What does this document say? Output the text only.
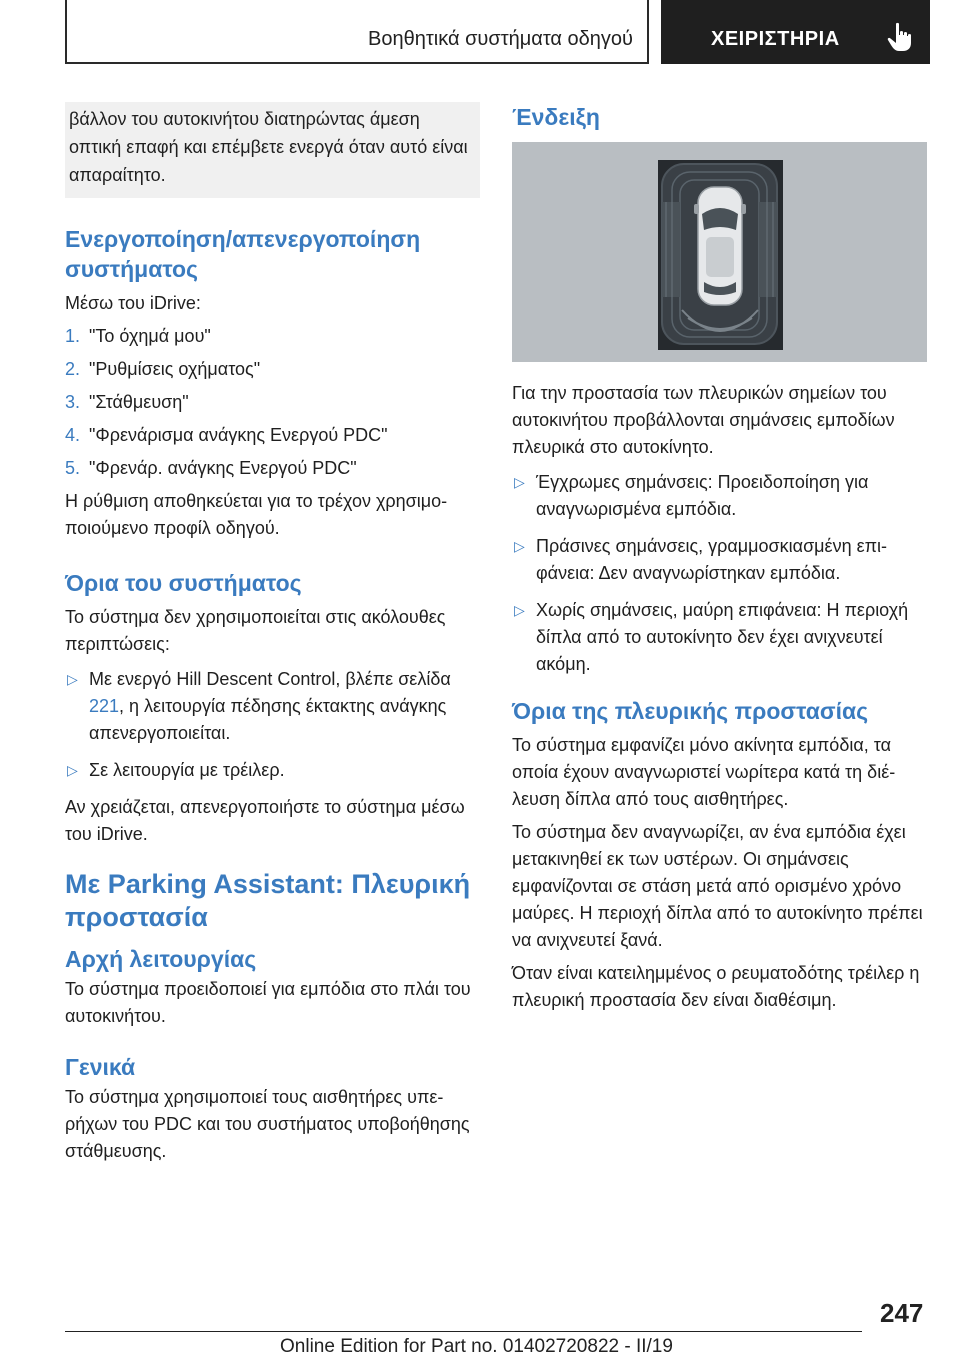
Βοηθητικά συστήματα οδηγού	ΧΕΙΡΙΣΤΗΡΙΑ

βάλλον του αυτοκινήτου διατηρώντας άμεση οπτική επαφή και επέμβετε ενεργά όταν αυτό είναι απαραίτητο.

Ενεργοποίηση/απενεργοποίηση συστήματος

Μέσω του iDrive:

1. "Το όχημά μου"
2. "Ρυθμίσεις οχήματος"
3. "Στάθμευση"
4. "Φρενάρισμα ανάγκης Ενεργού PDC"
5. "Φρενάρ. ανάγκης Ενεργού PDC"

Η ρύθμιση αποθηκεύεται για το τρέχον χρησιμοποιούμενο προφίλ οδηγού.

Όρια του συστήματος

Το σύστημα δεν χρησιμοποιείται στις ακόλουθες περιπτώσεις:

▷ Με ενεργό Hill Descent Control, βλέπε σελίδα 221, η λειτουργία πέδησης έκτακτης ανάγκης απενεργοποιείται.
▷ Σε λειτουργία με τρέιλερ.

Αν χρειάζεται, απενεργοποιήστε το σύστημα μέσω του iDrive.

Με Parking Assistant: Πλευρική προστασία
Αρχή λειτουργίας

Το σύστημα προειδοποιεί για εμπόδια στο πλάι του αυτοκινήτου.

Γενικά

Το σύστημα χρησιμοποιεί τους αισθητήρες υπερήχων του PDC και του συστήματος υποβοήθησης στάθμευσης.

Ένδειξη

Για την προστασία των πλευρικών σημείων του αυτοκινήτου προβάλλονται σημάνσεις εμποδίων πλευρικά στο αυτοκίνητο.

▷ Έγχρωμες σημάνσεις: Προειδοποίηση για αναγνωρισμένα εμπόδια.
▷ Πράσινες σημάνσεις, γραμμοσκιασμένη επιφάνεια: Δεν αναγνωρίστηκαν εμπόδια.
▷ Χωρίς σημάνσεις, μαύρη επιφάνεια: Η περιοχή δίπλα από το αυτοκίνητο δεν έχει ανιχνευτεί ακόμη.
Όρια της πλευρικής προστασίας

Το σύστημα εμφανίζει μόνο ακίνητα εμπόδια, τα οποία έχουν αναγνωριστεί νωρίτερα κατά τη διέλευση δίπλα από τους αισθητήρες.

Το σύστημα δεν αναγνωρίζει, αν ένα εμπόδια έχει μετακινηθεί εκ των υστέρων. Οι σημάνσεις εμφανίζονται σε στάση μετά από ορισμένο χρόνο μαύρες. Η περιοχή δίπλα από το αυτοκίνητο πρέπει να ανιχνευτεί ξανά.

Όταν είναι κατειλημμένος ο ρευματοδότης τρέιλερ η πλευρική προστασία δεν είναι διαθέσιμη.

247
Online Edition for Part no. 01402720822 - II/19
